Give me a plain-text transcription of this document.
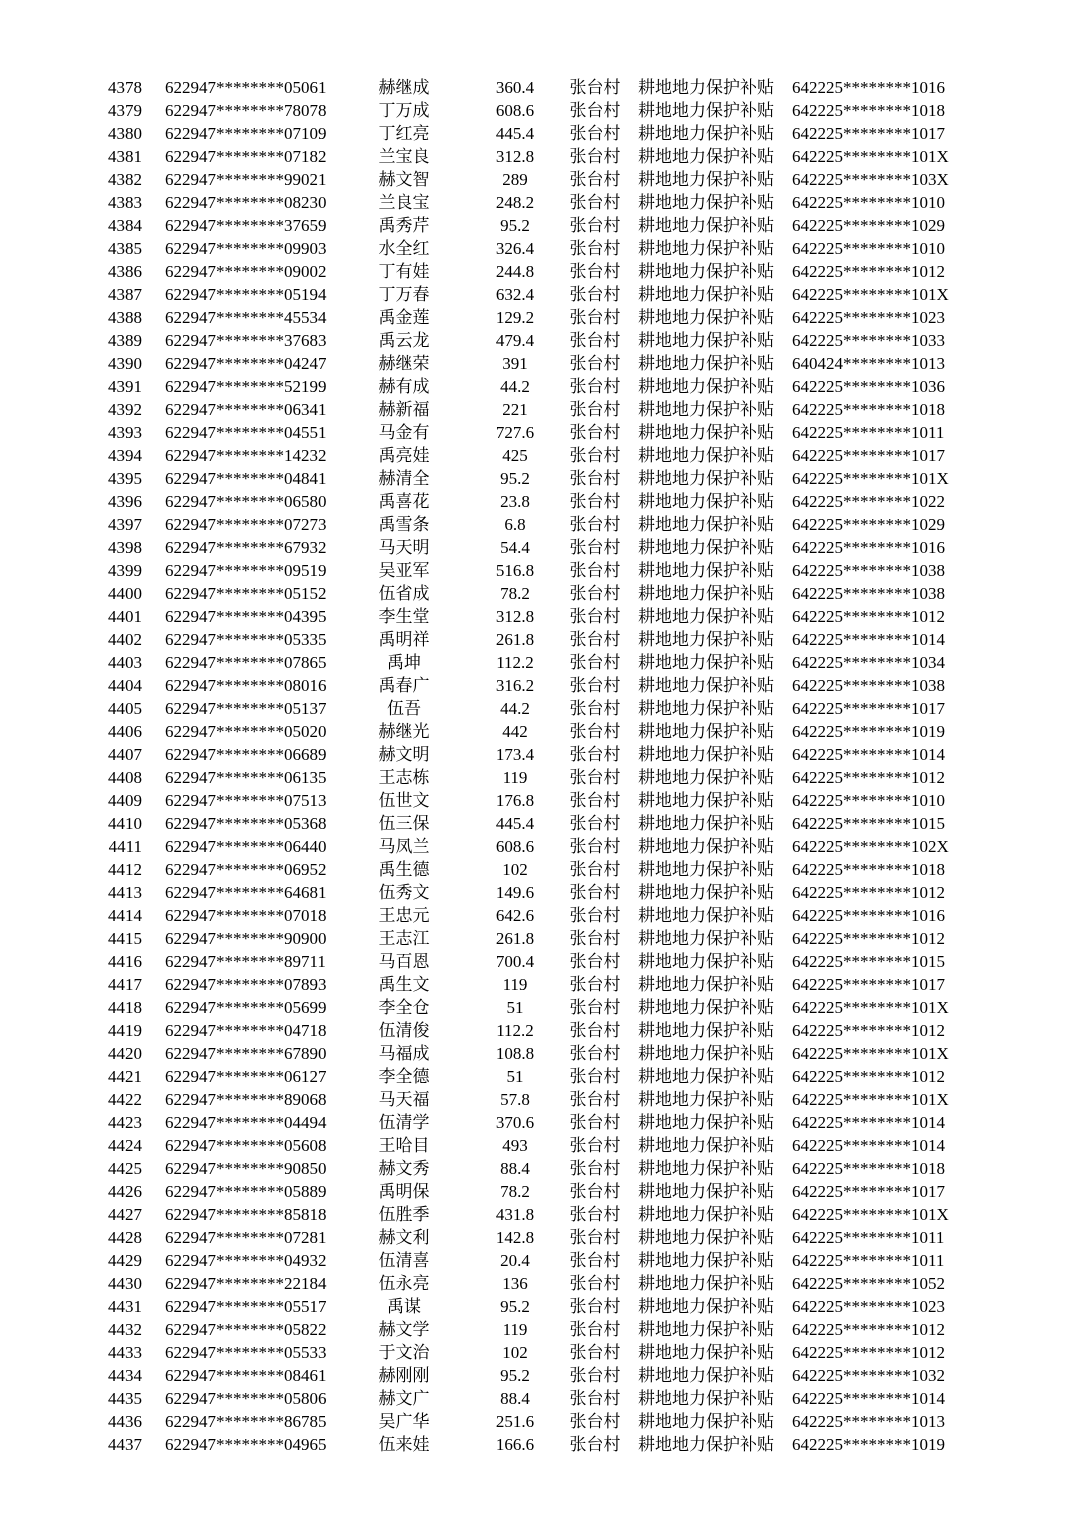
4378	622947********05061	赫继成	360.4	张台村	耕地地力保护补贴	642225********1016
4379	622947********78078	丁万成	608.6	张台村	耕地地力保护补贴	642225********1018
4380	622947********07109	丁红亮	445.4	张台村	耕地地力保护补贴	642225********1017
4381	622947********07182	兰宝良	312.8	张台村	耕地地力保护补贴	642225********101X
4382	622947********99021	赫文智	289	张台村	耕地地力保护补贴	642225********103X
4383	622947********08230	兰良宝	248.2	张台村	耕地地力保护补贴	642225********1010
4384	622947********37659	禹秀芹	95.2	张台村	耕地地力保护补贴	642225********1029
4385	622947********09903	水全红	326.4	张台村	耕地地力保护补贴	642225********1010
4386	622947********09002	丁有娃	244.8	张台村	耕地地力保护补贴	642225********1012
4387	622947********05194	丁万春	632.4	张台村	耕地地力保护补贴	642225********101X
4388	622947********45534	禹金莲	129.2	张台村	耕地地力保护补贴	642225********1023
4389	622947********37683	禹云龙	479.4	张台村	耕地地力保护补贴	642225********1033
4390	622947********04247	赫继荣	391	张台村	耕地地力保护补贴	640424********1013
4391	622947********52199	赫有成	44.2	张台村	耕地地力保护补贴	642225********1036
4392	622947********06341	赫新福	221	张台村	耕地地力保护补贴	642225********1018
4393	622947********04551	马金有	727.6	张台村	耕地地力保护补贴	642225********1011
4394	622947********14232	禹亮娃	425	张台村	耕地地力保护补贴	642225********1017
4395	622947********04841	赫清全	95.2	张台村	耕地地力保护补贴	642225********101X
4396	622947********06580	禹喜花	23.8	张台村	耕地地力保护补贴	642225********1022
4397	622947********07273	禹雪条	6.8	张台村	耕地地力保护补贴	642225********1029
4398	622947********67932	马天明	54.4	张台村	耕地地力保护补贴	642225********1016
4399	622947********09519	吴亚军	516.8	张台村	耕地地力保护补贴	642225********1038
4400	622947********05152	伍省成	78.2	张台村	耕地地力保护补贴	642225********1038
4401	622947********04395	李生堂	312.8	张台村	耕地地力保护补贴	642225********1012
4402	622947********05335	禹明祥	261.8	张台村	耕地地力保护补贴	642225********1014
4403	622947********07865	禹坤	112.2	张台村	耕地地力保护补贴	642225********1034
4404	622947********08016	禹春广	316.2	张台村	耕地地力保护补贴	642225********1038
4405	622947********05137	伍吾	44.2	张台村	耕地地力保护补贴	642225********1017
4406	622947********05020	赫继光	442	张台村	耕地地力保护补贴	642225********1019
4407	622947********06689	赫文明	173.4	张台村	耕地地力保护补贴	642225********1014
4408	622947********06135	王志栋	119	张台村	耕地地力保护补贴	642225********1012
4409	622947********07513	伍世文	176.8	张台村	耕地地力保护补贴	642225********1010
4410	622947********05368	伍三保	445.4	张台村	耕地地力保护补贴	642225********1015
4411	622947********06440	马凤兰	608.6	张台村	耕地地力保护补贴	642225********102X
4412	622947********06952	禹生德	102	张台村	耕地地力保护补贴	642225********1018
4413	622947********64681	伍秀文	149.6	张台村	耕地地力保护补贴	642225********1012
4414	622947********07018	王忠元	642.6	张台村	耕地地力保护补贴	642225********1016
4415	622947********90900	王志江	261.8	张台村	耕地地力保护补贴	642225********1012
4416	622947********89711	马百恩	700.4	张台村	耕地地力保护补贴	642225********1015
4417	622947********07893	禹生文	119	张台村	耕地地力保护补贴	642225********1017
4418	622947********05699	李全仓	51	张台村	耕地地力保护补贴	642225********101X
4419	622947********04718	伍清俊	112.2	张台村	耕地地力保护补贴	642225********1012
4420	622947********67890	马福成	108.8	张台村	耕地地力保护补贴	642225********101X
4421	622947********06127	李全德	51	张台村	耕地地力保护补贴	642225********1012
4422	622947********89068	马天福	57.8	张台村	耕地地力保护补贴	642225********101X
4423	622947********04494	伍清学	370.6	张台村	耕地地力保护补贴	642225********1014
4424	622947********05608	王哈目	493	张台村	耕地地力保护补贴	642225********1014
4425	622947********90850	赫文秀	88.4	张台村	耕地地力保护补贴	642225********1018
4426	622947********05889	禹明保	78.2	张台村	耕地地力保护补贴	642225********1017
4427	622947********85818	伍胜季	431.8	张台村	耕地地力保护补贴	642225********101X
4428	622947********07281	赫文利	142.8	张台村	耕地地力保护补贴	642225********1011
4429	622947********04932	伍清喜	20.4	张台村	耕地地力保护补贴	642225********1011
4430	622947********22184	伍永亮	136	张台村	耕地地力保护补贴	642225********1052
4431	622947********05517	禹谋	95.2	张台村	耕地地力保护补贴	642225********1023
4432	622947********05822	赫文学	119	张台村	耕地地力保护补贴	642225********1012
4433	622947********05533	于文治	102	张台村	耕地地力保护补贴	642225********1012
4434	622947********08461	赫刚刚	95.2	张台村	耕地地力保护补贴	642225********1032
4435	622947********05806	赫文广	88.4	张台村	耕地地力保护补贴	642225********1014
4436	622947********86785	吴广华	251.6	张台村	耕地地力保护补贴	642225********1013
4437	622947********04965	伍来娃	166.6	张台村	耕地地力保护补贴	642225********1019
